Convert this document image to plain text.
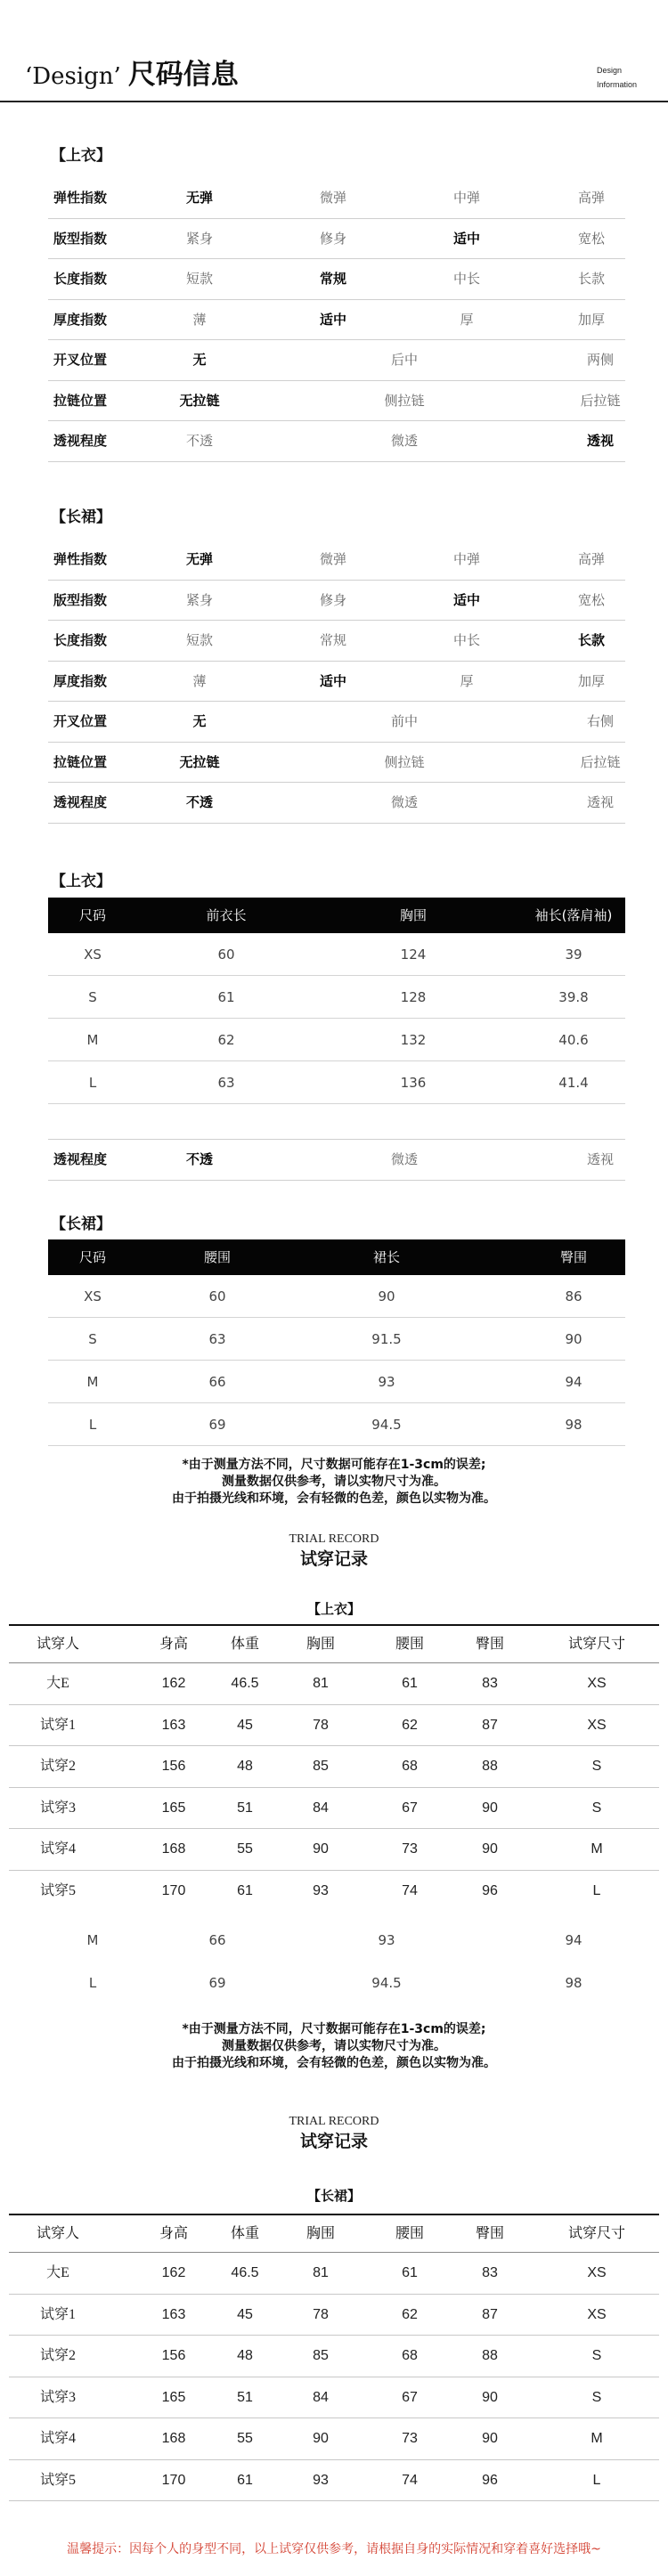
‘Design’ 尺码信息	Design
Information
【上衣】
弹性指数	无弹	微弹	中弹	高弹
版型指数	紧身	修身	适中	宽松
长度指数	短款	常规	中长	长款
厚度指数	薄	适中	厚	加厚
开叉位置	无	后中	两侧
拉链位置	无拉链	侧拉链	后拉链
透视程度	不透	微透	透视
【长裙】
弹性指数	无弹	微弹	中弹	高弹
版型指数	紧身	修身	适中	宽松
长度指数	短款	常规	中长	长款
厚度指数	薄	适中	厚	加厚
开叉位置	无	前中	右侧
拉链位置	无拉链	侧拉链	后拉链
透视程度	不透	微透	透视
【上衣】
尺码	前衣长	胸围	袖长(落肩袖)
XS	60	124	39
S	61	128	39.8
M	62	132	40.6
L	63	136	41.4
透视程度	不透	微透	透视
【长裙】
尺码	腰围	裙长	臀围
XS	60	90	86
S	63	91.5	90
M	66	93	94
L	69	94.5	98
*由于测量方法不同，尺寸数据可能存在1-3cm的误差;
测量数据仅供参考，请以实物尺寸为准。
由于拍摄光线和环境，会有轻微的色差，颜色以实物为准。
TRIAL RECORD
试穿记录
【上衣】
试穿人	身高	体重	胸围	腰围	臀围	试穿尺寸
大E	162	46.5	81	61	83	XS
试穿1	163	45	78	62	87	XS
试穿2	156	48	85	68	88	S
试穿3	165	51	84	67	90	S
试穿4	168	55	90	73	90	M
试穿5	170	61	93	74	96	L
M	66	93	94
L	69	94.5	98
*由于测量方法不同，尺寸数据可能存在1-3cm的误差;
测量数据仅供参考，请以实物尺寸为准。
由于拍摄光线和环境，会有轻微的色差，颜色以实物为准。
TRIAL RECORD
试穿记录
【长裙】
试穿人	身高	体重	胸围	腰围	臀围	试穿尺寸
大E	162	46.5	81	61	83	XS
试穿1	163	45	78	62	87	XS
试穿2	156	48	85	68	88	S
试穿3	165	51	84	67	90	S
试穿4	168	55	90	73	90	M
试穿5	170	61	93	74	96	L
温馨提示：因每个人的身型不同，以上试穿仅供参考，请根据自身的实际情况和穿着喜好选择哦~
